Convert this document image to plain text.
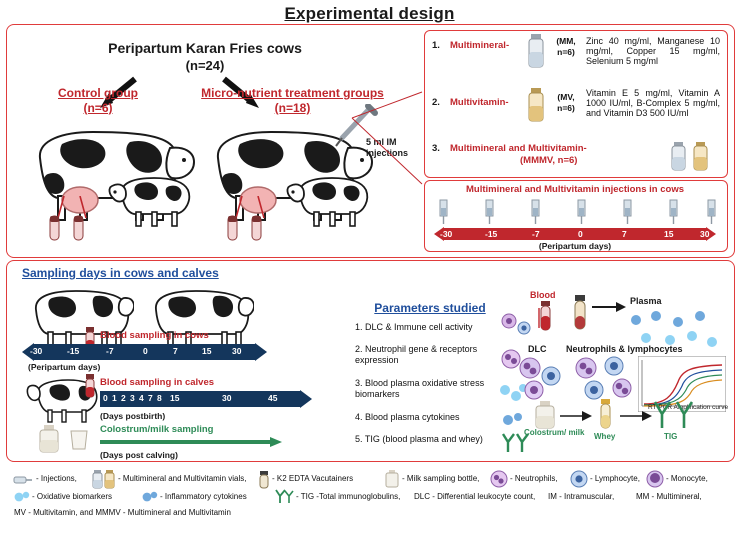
Experimental design
Peripartum Karan Fries cows
(n=24)
Control group
(n=6)
Micro-nutrient treatment groups
(n=18)
5 ml IM
injections
1. Multimineral-	(MM,
n=6)
Zinc 40 mg/ml, Manganese 10 mg/ml, Copper 15 mg/ml, Selenium 5 mg/ml
2. Multivitamin-	(MV,
n=6)
Vitamin E 5 mg/ml, Vitamin A 1000 IU/ml, B-Complex 5 mg/ml, and Vitamin D3 500 IU/ml
3. Multimineral and Multivitamin-
(MMMV, n=6)
Multimineral and Multivitamin injections in cows
-30	-15	-7	0	7	15	30
(Peripartum days)
Sampling days in cows and calves
Blood sampling in cows
-30	-15	-7	0	7	15 30
(Peripartum days)
Blood sampling in calves
0 1 2 3 4 7 8 15	30	45
(Days postbirth)
Colostrum/milk sampling
(Days post calving)
Parameters studied
1. DLC & Immune cell activity
2. Neutrophil gene & receptors expression
3. Blood plasma oxidative stress biomarkers
4. Blood plasma cytokines
5. TIG (blood plasma and whey)
Blood
Plasma
DLC Neutrophils & lymphocytes
RT-PCR Amplification curve
Colostrum/ milk Whey	TIG
- Injections,	- Multimineral and Multivitamin vials,	- K2 EDTA Vacutainers	- Milk sampling bottle,	- Neutrophils,	- Lymphocyte,	- Monocyte,
- Oxidative biomarkers	- Inflammatory cytokines	- TIG -Total immunoglobulins, DLC - Differential leukocyte count, IM - Intramuscular,	MM - Multimineral,
MV - Multivitamin, and MMMV - Multimineral and Multivitamin
